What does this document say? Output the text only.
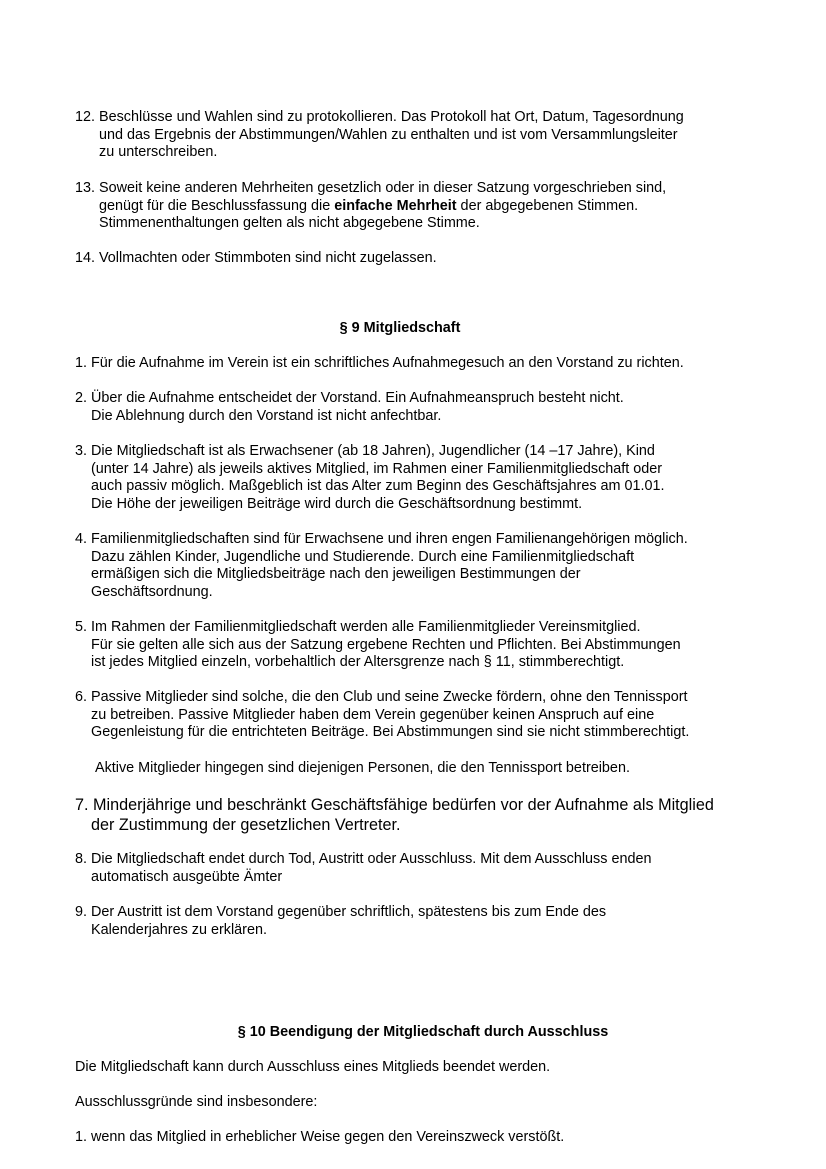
12. Beschlüsse und Wahlen sind zu protokollieren. Das Protokoll hat Ort, Datum, Tagesordnung
und das Ergebnis der Abstimmungen/Wahlen zu enthalten und ist vom Versammlungsleiter
zu unterschreiben.
13. Soweit keine anderen Mehrheiten gesetzlich oder in dieser Satzung vorgeschrieben sind,
genügt für die Beschlussfassung die einfache Mehrheit der abgegebenen Stimmen.
Stimmenenthaltungen gelten als nicht abgegebene Stimme.
14. Vollmachten oder Stimmboten sind nicht zugelassen.
§ 9 Mitgliedschaft
1. Für die Aufnahme im Verein ist ein schriftliches Aufnahmegesuch an den Vorstand zu richten.
2. Über die Aufnahme entscheidet der Vorstand. Ein Aufnahmeanspruch besteht nicht.
Die Ablehnung durch den Vorstand ist nicht anfechtbar.
3. Die Mitgliedschaft ist als Erwachsener (ab 18 Jahren), Jugendlicher (14 –17 Jahre), Kind
(unter 14 Jahre) als jeweils aktives Mitglied, im Rahmen einer Familienmitgliedschaft oder
auch passiv möglich. Maßgeblich ist das Alter zum Beginn des Geschäftsjahres am 01.01.
Die Höhe der jeweiligen Beiträge wird durch die Geschäftsordnung bestimmt.
4. Familienmitgliedschaften sind für Erwachsene und ihren engen Familienangehörigen möglich.
Dazu zählen Kinder, Jugendliche und Studierende. Durch eine Familienmitgliedschaft
ermäßigen sich die Mitgliedsbeiträge nach den jeweiligen Bestimmungen der
Geschäftsordnung.
5. Im Rahmen der Familienmitgliedschaft werden alle Familienmitglieder Vereinsmitglied.
Für sie gelten alle sich aus der Satzung ergebene Rechten und Pflichten. Bei Abstimmungen
ist jedes Mitglied einzeln, vorbehaltlich der Altersgrenze nach § 11, stimmberechtigt.
6. Passive Mitglieder sind solche, die den Club und seine Zwecke fördern, ohne den Tennissport
zu betreiben. Passive Mitglieder haben dem Verein gegenüber keinen Anspruch auf eine
Gegenleistung für die entrichteten Beiträge. Bei Abstimmungen sind sie nicht stimmberechtigt.
Aktive Mitglieder hingegen sind diejenigen Personen, die den Tennissport betreiben.
7. Minderjährige und beschränkt Geschäftsfähige bedürfen vor der Aufnahme als Mitglied
der Zustimmung der gesetzlichen Vertreter.
8. Die Mitgliedschaft endet durch Tod, Austritt oder Ausschluss. Mit dem Ausschluss enden
automatisch ausgeübte Ämter
9. Der Austritt ist dem Vorstand gegenüber schriftlich, spätestens bis zum Ende des
Kalenderjahres zu erklären.
§ 10 Beendigung der Mitgliedschaft durch Ausschluss
Die Mitgliedschaft kann durch Ausschluss eines Mitglieds beendet werden.
Ausschlussgründe sind insbesondere:
1. wenn das Mitglied in erheblicher Weise gegen den Vereinszweck verstößt.
